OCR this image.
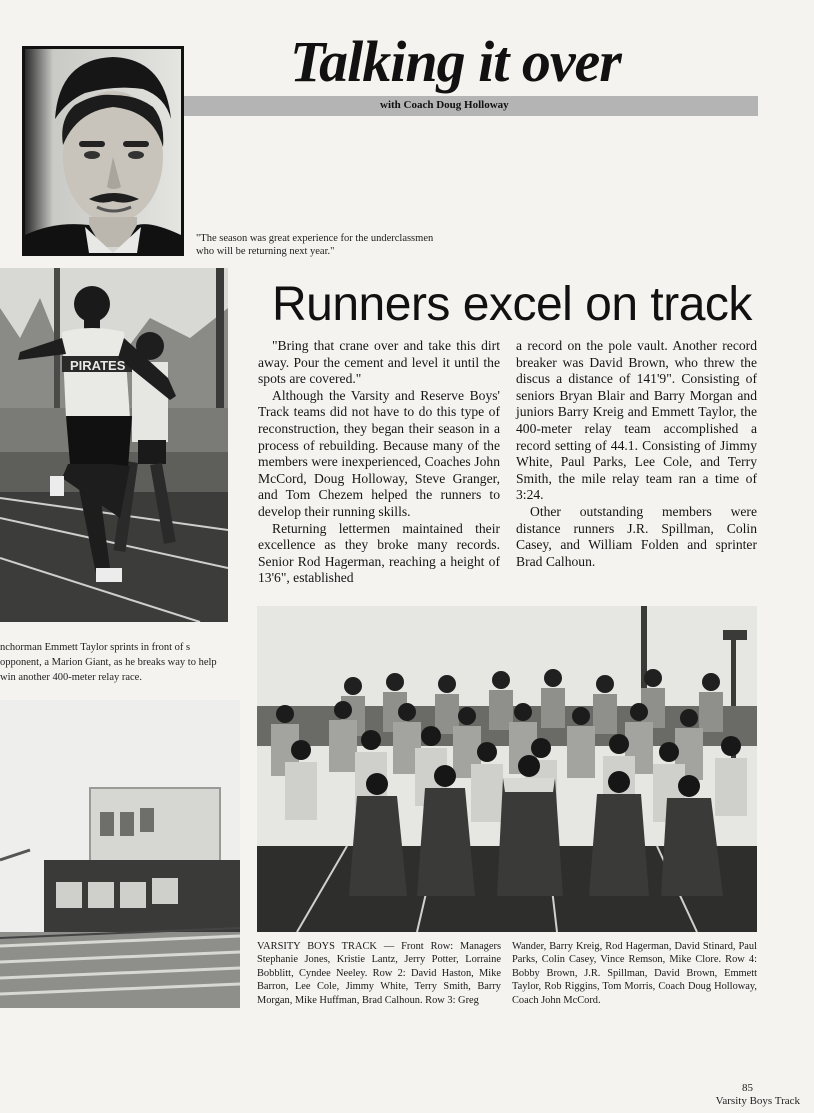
Talking it over
with Coach Doug Holloway
"The season was great experience for the underclassmen who will be returning next year."
PIRATES
nchorman Emmett Taylor sprints in front of s opponent, a Marion Giant, as he breaks way to help win another 400-meter relay race.
Runners excel on track

"Bring that crane over and take this dirt away. Pour the cement and level it until the spots are covered."

Although the Varsity and Reserve Boys' Track teams did not have to do this type of reconstruction, they began their season in a process of rebuilding. Because many of the members were inexperienced, Coaches John McCord, Doug Holloway, Steve Granger, and Tom Chezem helped the runners to develop their running skills.

Returning lettermen maintained their excellence as they broke many records. Senior Rod Hagerman, reaching a height of 13'6", established

a record on the pole vault. Another record breaker was David Brown, who threw the discus a distance of 141'9". Consisting of seniors Bryan Blair and Barry Morgan and juniors Barry Kreig and Emmett Taylor, the 400-meter relay team accomplished a record setting of 44.1. Consisting of Jimmy White, Paul Parks, Lee Cole, and Terry Smith, the mile relay team ran a time of 3:24.

Other outstanding members were distance runners J.R. Spillman, Colin Casey, and William Folden and sprinter Brad Calhoun.

VARSITY BOYS TRACK — Front Row: Managers Stephanie Jones, Kristie Lantz, Jerry Potter, Lorraine Bobblitt, Cyndee Neeley. Row 2: David Haston, Mike Barron, Lee Cole, Jimmy White, Terry Smith, Barry Morgan, Mike Huffman, Brad Calhoun. Row 3: Greg
Wander, Barry Kreig, Rod Hagerman, David Stinard, Paul Parks, Colin Casey, Vince Remson, Mike Clore. Row 4: Bobby Brown, J.R. Spillman, David Brown, Emmett Taylor, Rob Riggins, Tom Morris, Coach Doug Holloway, Coach John McCord.
85
Varsity Boys Track
